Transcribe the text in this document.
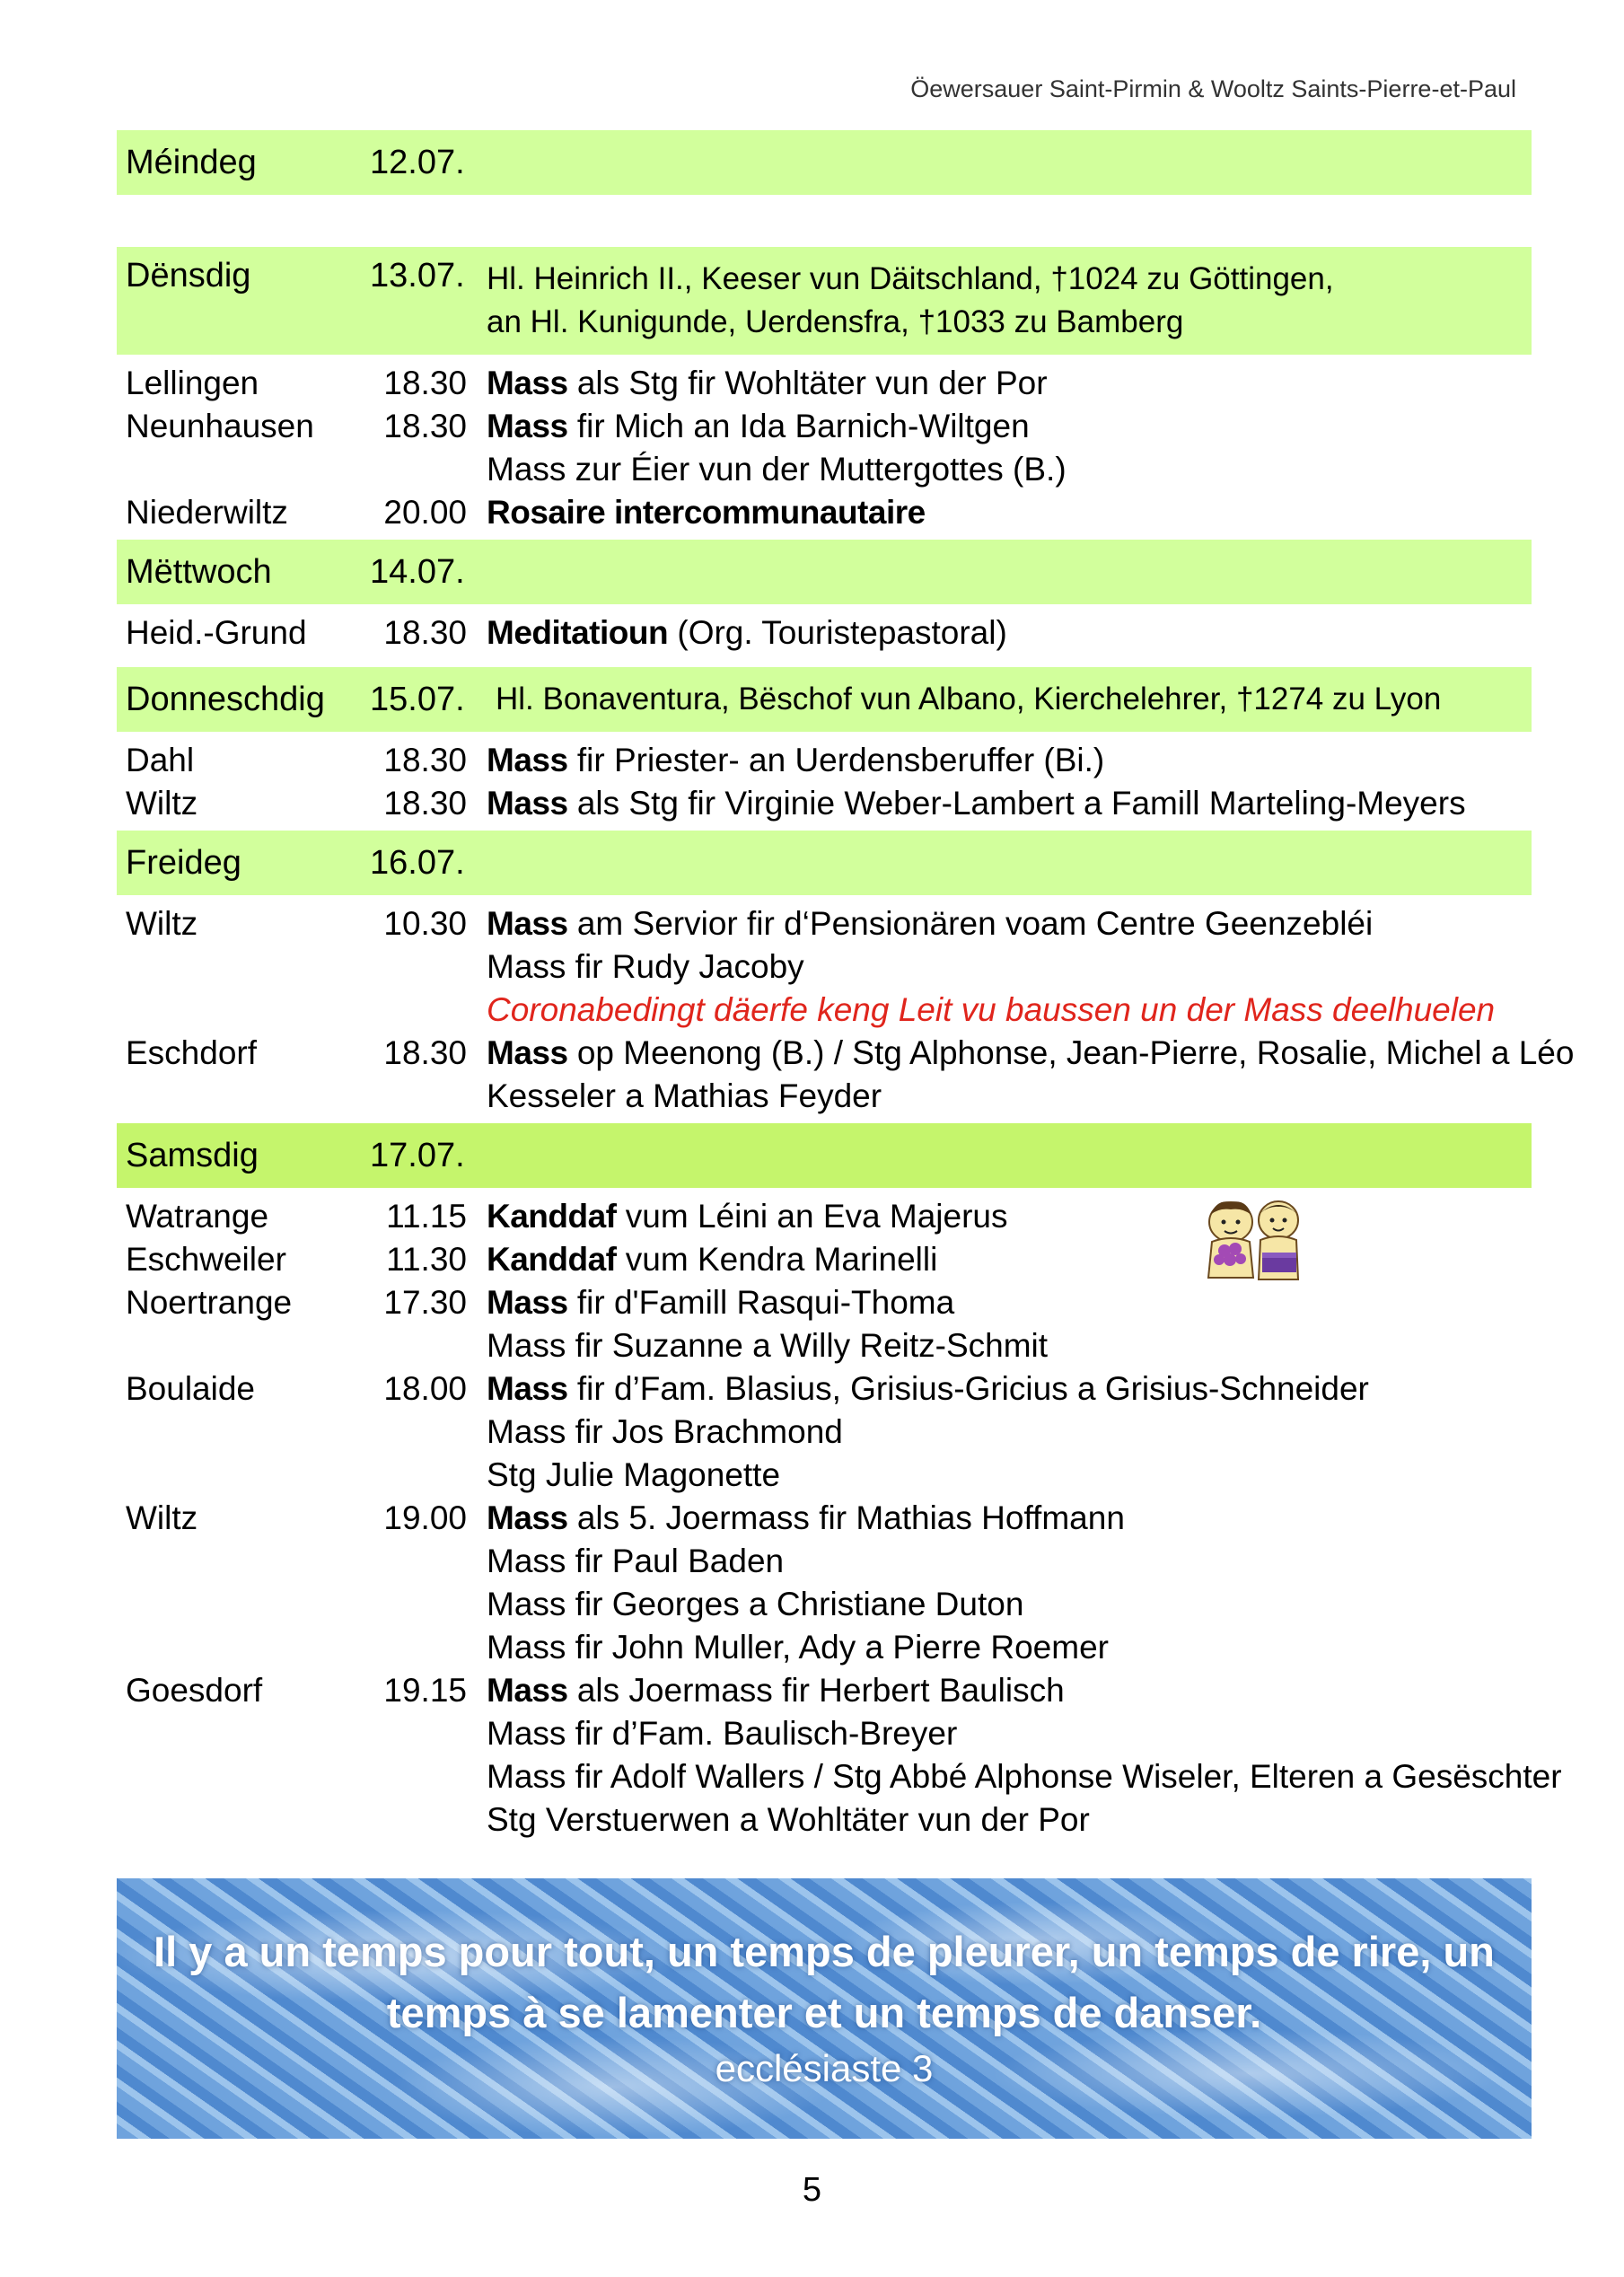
Öewersauer Saint-Pirmin & Wooltz Saints-Pierre-et-Paul
Méindeg	12.07.
Dënsdig	13.07. Hl. Heinrich II., Keeser vun Däitschland, †1024 zu Göttingen,
an Hl. Kunigunde, Uerdensfra, †1033 zu Bamberg
Lellingen	18.30 Mass als Stg fir Wohltäter vun der Por
Neunhausen	18.30 Mass fir Mich an Ida Barnich-Wiltgen
Mass zur Éier vun der Muttergottes (B.)
Niederwiltz	20.00 Rosaire intercommunautaire
Mëttwoch	14.07.
Heid.-Grund	18.30 Meditatioun (Org. Touristepastoral)
Donneschdig	15.07. Hl. Bonaventura, Bëschof vun Albano, Kierchelehrer, †1274 zu Lyon
Dahl	18.30 Mass fir Priester- an Uerdensberuffer (Bi.)
Wiltz	18.30 Mass als Stg fir Virginie Weber-Lambert a Famill Marteling-Meyers
Freideg	16.07.
Wiltz	10.30 Mass am Servior fir d‘Pensionären voam Centre Geenzebléi
Mass fir Rudy Jacoby
Coronabedingt däerfe keng Leit vu baussen un der Mass deelhuelen
Eschdorf	18.30 Mass op Meenong (B.) / Stg Alphonse, Jean-Pierre, Rosalie, Michel a Léo
Kesseler a Mathias Feyder
Samsdig	17.07.
Watrange	11.15 Kanddaf vum Léini an Eva Majerus
Eschweiler	11.30 Kanddaf vum Kendra Marinelli
Noertrange	17.30 Mass fir d'Famill Rasqui-Thoma
Mass fir Suzanne a Willy Reitz-Schmit
Boulaide	18.00 Mass fir d’Fam. Blasius, Grisius-Gricius a Grisius-Schneider
Mass fir Jos Brachmond
Stg Julie Magonette
Wiltz	19.00 Mass als 5. Joermass fir Mathias Hoffmann
Mass fir Paul Baden
Mass fir Georges a Christiane Duton
Mass fir John Muller, Ady a Pierre Roemer
Goesdorf	19.15 Mass als Joermass fir Herbert Baulisch
Mass fir d’Fam. Baulisch-Breyer
Mass fir Adolf Wallers / Stg Abbé Alphonse Wiseler, Elteren a Gesëschter
Stg Verstuerwen a Wohltäter vun der Por
Il y a un temps pour tout, un temps de pleurer, un temps de rire, un temps à se lamenter et un temps de danser.
ecclésiaste 3
5
